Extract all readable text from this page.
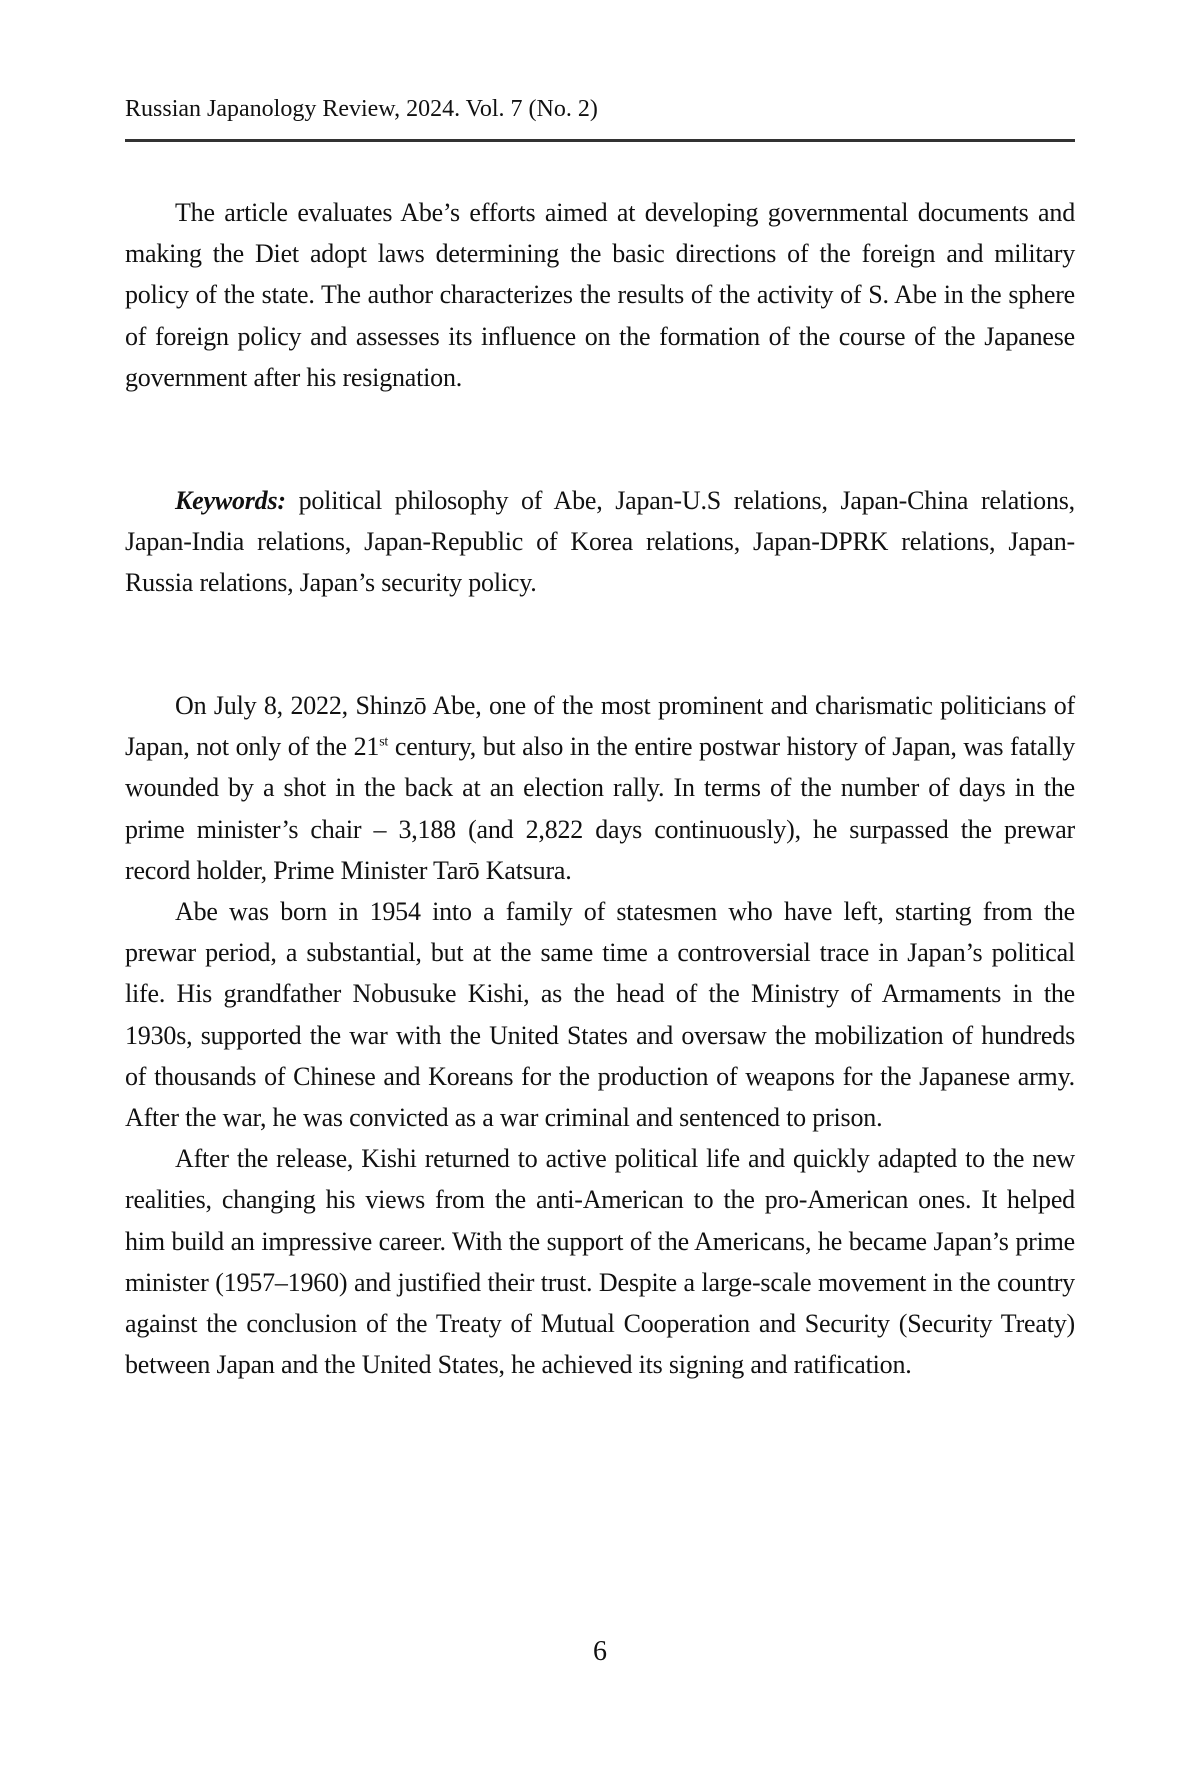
Russian Japanology Review, 2024. Vol. 7 (No. 2)

The article evaluates Abe’s efforts aimed at developing governmental documents and making the Diet adopt laws determining the basic directions of the foreign and military policy of the state. The author characterizes the results of the activity of S. Abe in the sphere of foreign policy and assesses its influence on the formation of the course of the Japanese government after his resignation.

Keywords: political philosophy of Abe, Japan-U.S relations, Japan-China relations, Japan-India relations, Japan-Republic of Korea relations, Japan-DPRK relations, Japan-Russia relations, Japan’s security policy.

On July 8, 2022, Shinzō Abe, one of the most prominent and charismatic politicians of Japan, not only of the 21st century, but also in the entire postwar history of Japan, was fatally wounded by a shot in the back at an election rally. In terms of the number of days in the prime minister’s chair – 3,188 (and 2,822 days continuously), he surpassed the prewar record holder, Prime Minister Tarō Katsura.

Abe was born in 1954 into a family of statesmen who have left, starting from the prewar period, a substantial, but at the same time a controversial trace in Japan’s political life. His grandfather Nobusuke Kishi, as the head of the Ministry of Armaments in the 1930s, supported the war with the United States and oversaw the mobilization of hundreds of thousands of Chinese and Koreans for the production of weapons for the Japanese army. After the war, he was convicted as a war criminal and sentenced to prison.

After the release, Kishi returned to active political life and quickly adapted to the new realities, changing his views from the anti-American to the pro-American ones. It helped him build an impressive career. With the support of the Americans, he became Japan’s prime minister (1957–1960) and justified their trust. Despite a large-scale movement in the country against the conclusion of the Treaty of Mutual Cooperation and Security (Security Treaty) between Japan and the United States, he achieved its signing and ratification.

6
